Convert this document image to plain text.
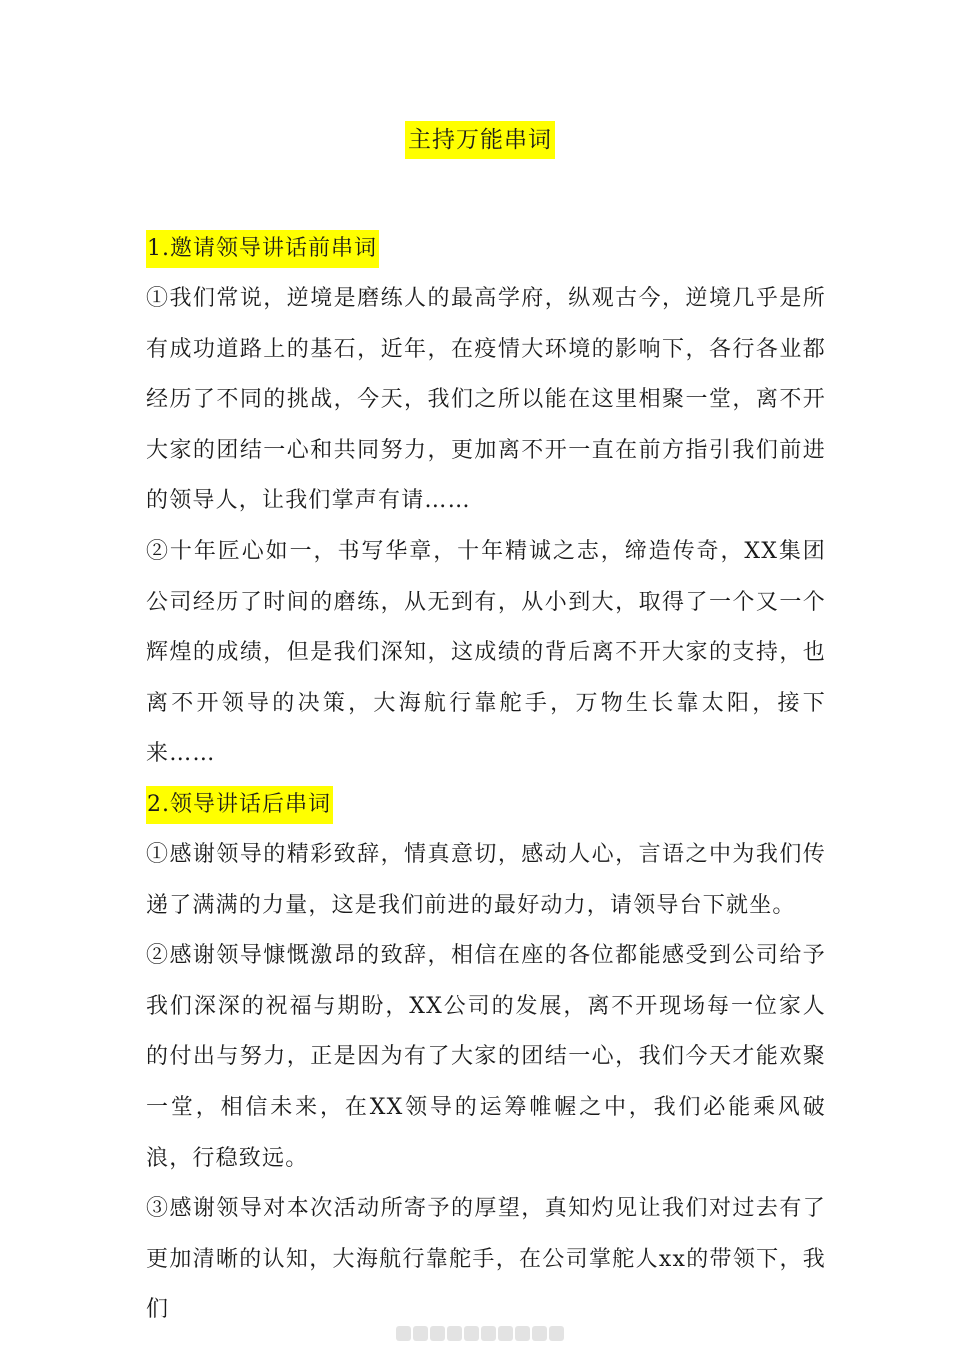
主持万能串词
1.邀请领导讲话前串词

①我们常说，逆境是磨练人的最高学府，纵观古今，逆境几乎是所有成功道路上的基石，近年，在疫情大环境的影响下，各行各业都经历了不同的挑战，今天，我们之所以能在这里相聚一堂，离不开大家的团结一心和共同努力，更加离不开一直在前方指引我们前进的领导人，让我们掌声有请……

②十年匠心如一，书写华章，十年精诚之志，缔造传奇，XX集团公司经历了时间的磨练，从无到有，从小到大，取得了一个又一个辉煌的成绩，但是我们深知，这成绩的背后离不开大家的支持，也离不开领导的决策，大海航行靠舵手，万物生长靠太阳，接下来……

2.领导讲话后串词

①感谢领导的精彩致辞，情真意切，感动人心，言语之中为我们传递了满满的力量，这是我们前进的最好动力，请领导台下就坐。

②感谢领导慷慨激昂的致辞，相信在座的各位都能感受到公司给予我们深深的祝福与期盼，XX公司的发展，离不开现场每一位家人的付出与努力，正是因为有了大家的团结一心，我们今天才能欢聚一堂，相信未来，在XX领导的运筹帷幄之中，我们必能乘风破浪，行稳致远。

③感谢领导对本次活动所寄予的厚望，真知灼见让我们对过去有了更加清晰的认知，大海航行靠舵手，在公司掌舵人xx的带领下，我们
